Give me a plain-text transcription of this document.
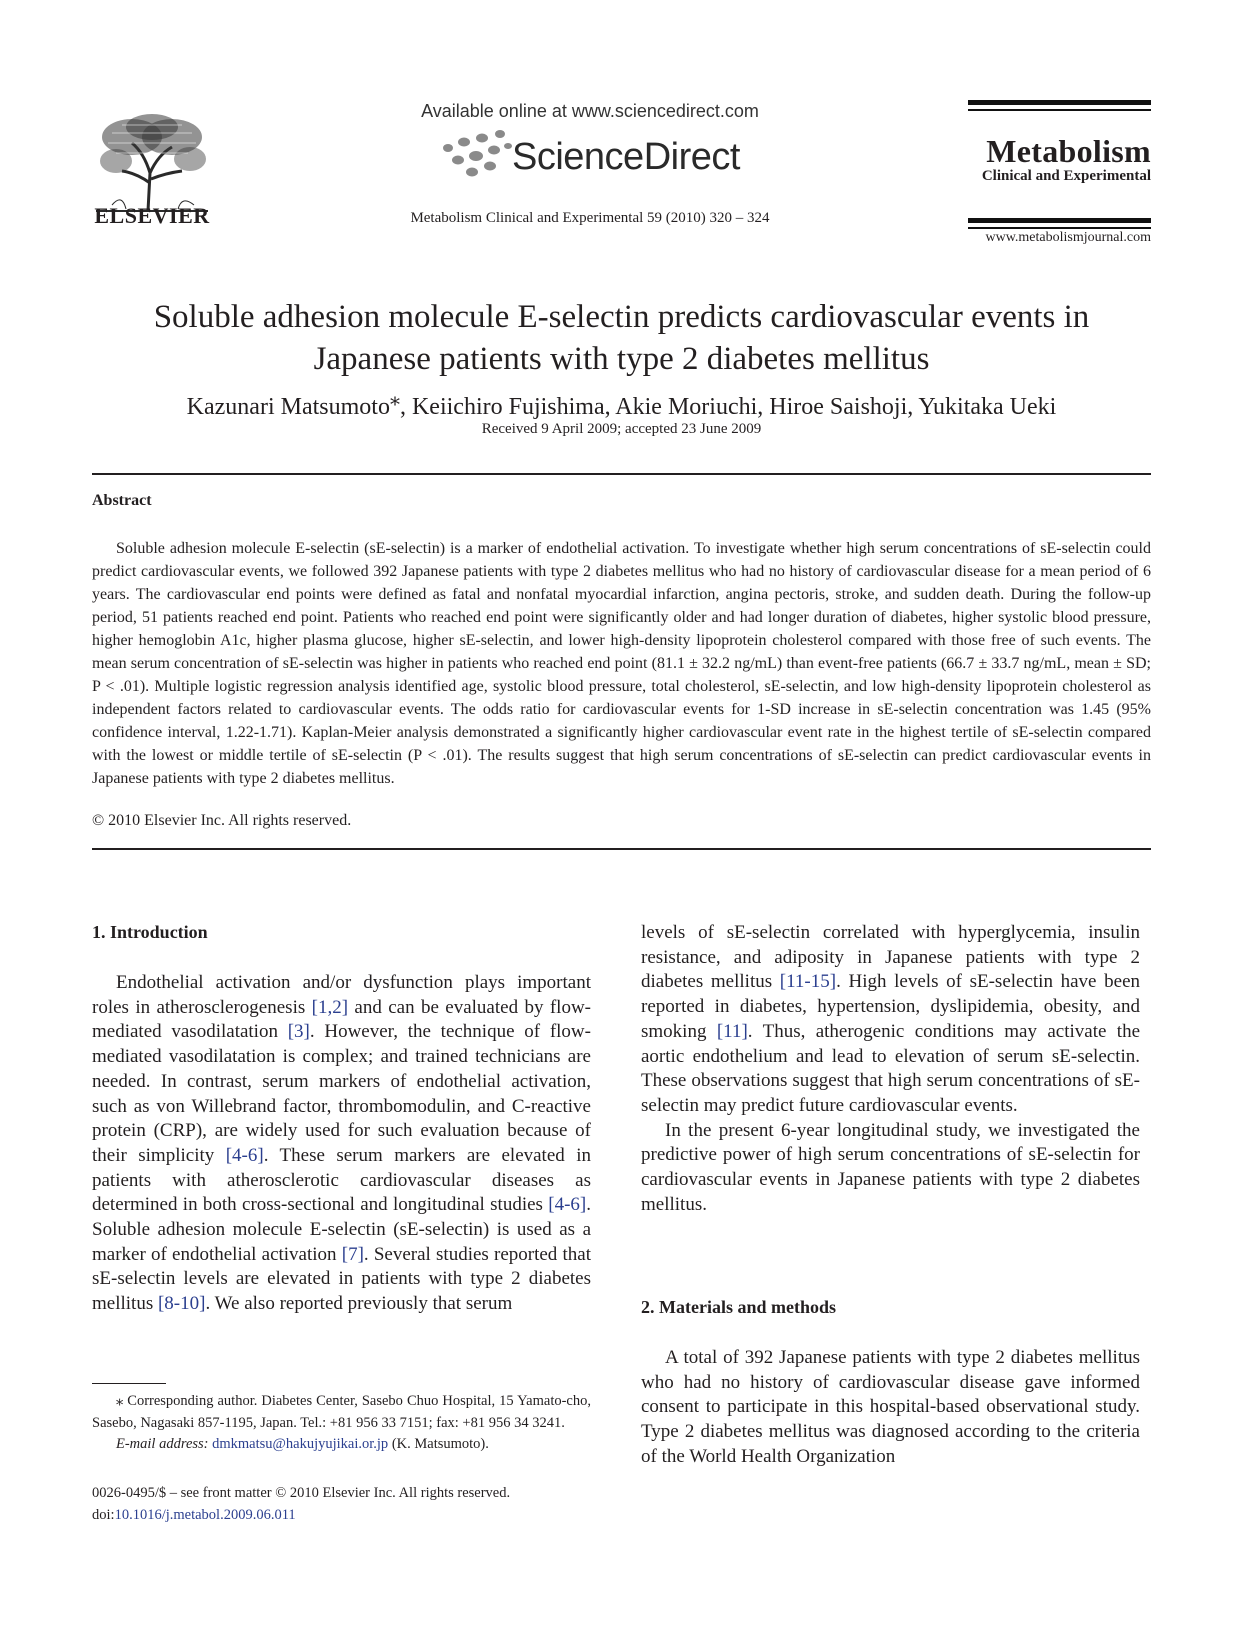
ELSEVIER
Available online at www.sciencedirect.com
ScienceDirect
Metabolism Clinical and Experimental 59 (2010) 320 – 324
Metabolism
Clinical and Experimental
www.metabolismjournal.com
Soluble adhesion molecule E-selectin predicts cardiovascular events in Japanese patients with type 2 diabetes mellitus
Kazunari Matsumoto⁎, Keiichiro Fujishima, Akie Moriuchi, Hiroe Saishoji, Yukitaka Ueki
Received 9 April 2009; accepted 23 June 2009
Abstract

Soluble adhesion molecule E-selectin (sE-selectin) is a marker of endothelial activation. To investigate whether high serum concentrations of sE-selectin could predict cardiovascular events, we followed 392 Japanese patients with type 2 diabetes mellitus who had no history of cardiovascular disease for a mean period of 6 years. The cardiovascular end points were defined as fatal and nonfatal myocardial infarction, angina pectoris, stroke, and sudden death. During the follow-up period, 51 patients reached end point. Patients who reached end point were significantly older and had longer duration of diabetes, higher systolic blood pressure, higher hemoglobin A1c, higher plasma glucose, higher sE-selectin, and lower high-density lipoprotein cholesterol compared with those free of such events. The mean serum concentration of sE-selectin was higher in patients who reached end point (81.1 ± 32.2 ng/mL) than event-free patients (66.7 ± 33.7 ng/mL, mean ± SD; P < .01). Multiple logistic regression analysis identified age, systolic blood pressure, total cholesterol, sE-selectin, and low high-density lipoprotein cholesterol as independent factors related to cardiovascular events. The odds ratio for cardiovascular events for 1-SD increase in sE-selectin concentration was 1.45 (95% confidence interval, 1.22-1.71). Kaplan-Meier analysis demonstrated a significantly higher cardiovascular event rate in the highest tertile of sE-selectin compared with the lowest or middle tertile of sE-selectin (P < .01). The results suggest that high serum concentrations of sE-selectin can predict cardiovascular events in Japanese patients with type 2 diabetes mellitus.

© 2010 Elsevier Inc. All rights reserved.
1. Introduction

Endothelial activation and/or dysfunction plays important roles in atherosclerogenesis [1,2] and can be evaluated by flow-mediated vasodilatation [3]. However, the technique of flow-mediated vasodilatation is complex; and trained technicians are needed. In contrast, serum markers of endothelial activation, such as von Willebrand factor, thrombomodulin, and C-reactive protein (CRP), are widely used for such evaluation because of their simplicity [4-6]. These serum markers are elevated in patients with atherosclerotic cardiovascular diseases as determined in both cross-sectional and longitudinal studies [4-6]. Soluble adhesion molecule E-selectin (sE-selectin) is used as a marker of endothelial activation [7]. Several studies reported that sE-selectin levels are elevated in patients with type 2 diabetes mellitus [8-10]. We also reported previously that serum

⁎ Corresponding author. Diabetes Center, Sasebo Chuo Hospital, 15 Yamato-cho, Sasebo, Nagasaki 857-1195, Japan. Tel.: +81 956 33 7151; fax: +81 956 34 3241.

E-mail address: dmkmatsu@hakujyujikai.or.jp (K. Matsumoto).

0026-0495/$ – see front matter © 2010 Elsevier Inc. All rights reserved.
doi:10.1016/j.metabol.2009.06.011

levels of sE-selectin correlated with hyperglycemia, insulin resistance, and adiposity in Japanese patients with type 2 diabetes mellitus [11-15]. High levels of sE-selectin have been reported in diabetes, hypertension, dyslipidemia, obesity, and smoking [11]. Thus, atherogenic conditions may activate the aortic endothelium and lead to elevation of serum sE-selectin. These observations suggest that high serum concentrations of sE-selectin may predict future cardiovascular events.

In the present 6-year longitudinal study, we investigated the predictive power of high serum concentrations of sE-selectin for cardiovascular events in Japanese patients with type 2 diabetes mellitus.

2. Materials and methods

A total of 392 Japanese patients with type 2 diabetes mellitus who had no history of cardiovascular disease gave informed consent to participate in this hospital-based observational study. Type 2 diabetes mellitus was diagnosed according to the criteria of the World Health Organization
